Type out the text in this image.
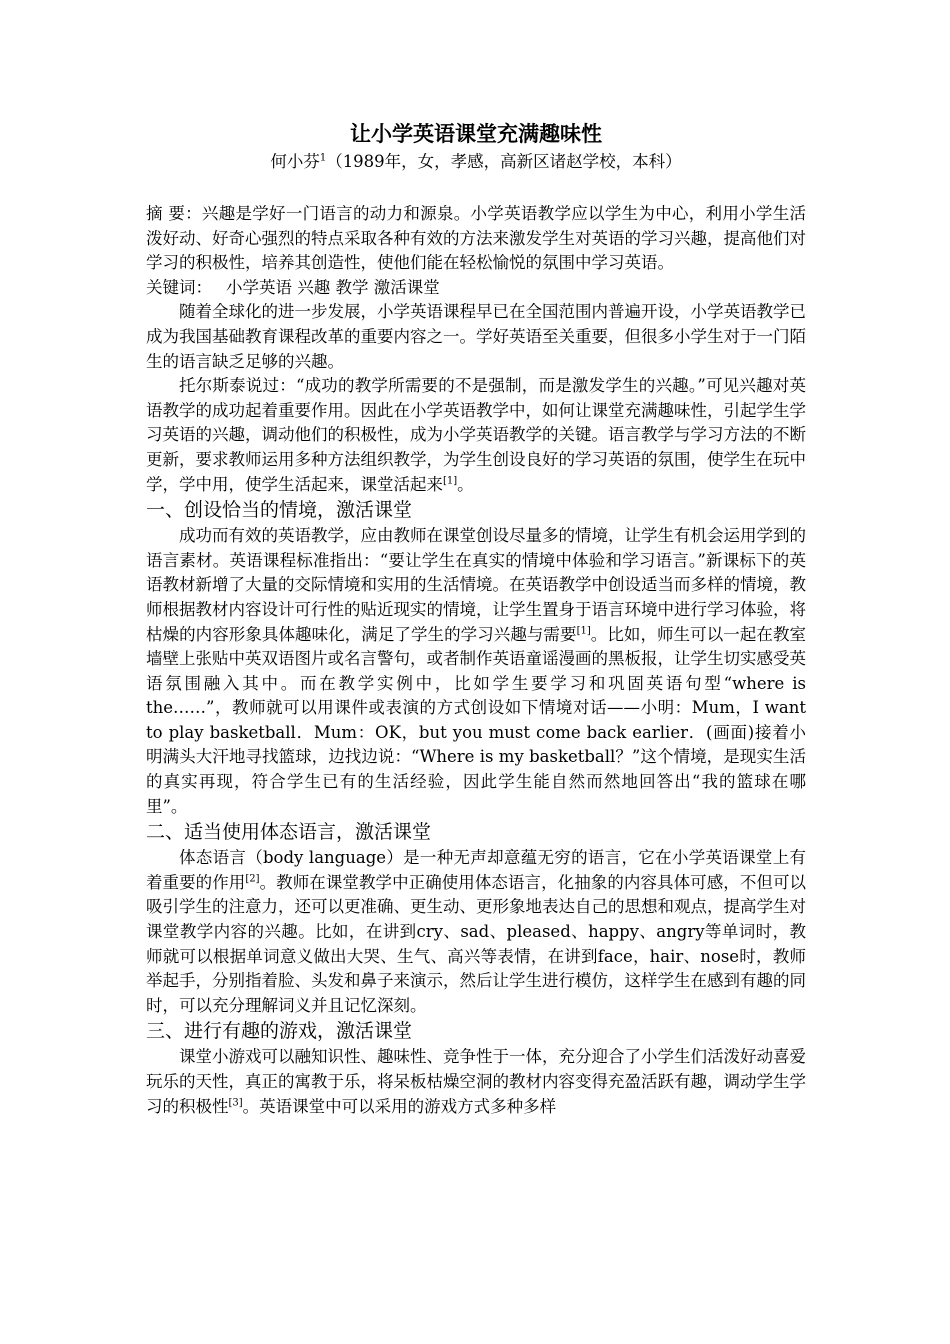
让小学英语课堂充满趣味性
何小芬$^1$（1989年，女，孝感，高新区诸赵学校，本科）

摘 要：兴趣是学好一门语言的动力和源泉。小学英语教学应以学生为中心，利用小学生活泼好动、好奇心强烈的特点采取各种有效的方法来激发学生对英语的学习兴趣，提高他们对学习的积极性，培养其创造性，使他们能在轻松愉悦的氛围中学习英语。

关键词： 小学英语 兴趣 教学 激活课堂

随着全球化的进一步发展，小学英语课程早已在全国范围内普遍开设，小学英语教学已成为我国基础教育课程改革的重要内容之一。学好英语至关重要，但很多小学生对于一门陌生的语言缺乏足够的兴趣。

托尔斯泰说过：“成功的教学所需要的不是强制，而是激发学生的兴趣。”可见兴趣对英语教学的成功起着重要作用。因此在小学英语教学中，如何让课堂充满趣味性，引起学生学习英语的兴趣，调动他们的积极性，成为小学英语教学的关键。语言教学与学习方法的不断更新，要求教师运用多种方法组织教学，为学生创设良好的学习英语的氛围，使学生在玩中学，学中用，使学生活起来，课堂活起来[1]。

一、创设恰当的情境，激活课堂

成功而有效的英语教学，应由教师在课堂创设尽量多的情境，让学生有机会运用学到的语言素材。英语课程标准指出：“要让学生在真实的情境中体验和学习语言。”新课标下的英语教材新增了大量的交际情境和实用的生活情境。在英语教学中创设适当而多样的情境，教师根据教材内容设计可行性的贴近现实的情境，让学生置身于语言环境中进行学习体验，将枯燥的内容形象具体趣味化，满足了学生的学习兴趣与需要[1]。比如，师生可以一起在教室墙壁上张贴中英双语图片或名言警句，或者制作英语童谣漫画的黑板报，让学生切实感受英语氛围融入其中。而在教学实例中，比如学生要学习和巩固英语句型“where is the……”，教师就可以用课件或表演的方式创设如下情境对话——小明：Mum，I want to play basketball．Mum：OK，but you must come back earlier．(画面)接着小明满头大汗地寻找篮球，边找边说：“Where is my basketball？”这个情境，是现实生活的真实再现，符合学生已有的生活经验，因此学生能自然而然地回答出“我的篮球在哪里”。

二、适当使用体态语言，激活课堂

体态语言（body language）是一种无声却意蕴无穷的语言，它在小学英语课堂上有着重要的作用[2]。教师在课堂教学中正确使用体态语言，化抽象的内容具体可感，不但可以吸引学生的注意力，还可以更准确、更生动、更形象地表达自己的思想和观点，提高学生对课堂教学内容的兴趣。比如，在讲到cry、sad、pleased、happy、angry等单词时，教师就可以根据单词意义做出大哭、生气、高兴等表情，在讲到face，hair、nose时，教师举起手，分别指着脸、头发和鼻子来演示，然后让学生进行模仿，这样学生在感到有趣的同时，可以充分理解词义并且记忆深刻。

三、进行有趣的游戏，激活课堂

课堂小游戏可以融知识性、趣味性、竞争性于一体，充分迎合了小学生们活泼好动喜爱玩乐的天性，真正的寓教于乐，将呆板枯燥空洞的教材内容变得充盈活跃有趣，调动学生学习的积极性[3]。英语课堂中可以采用的游戏方式多种多样
